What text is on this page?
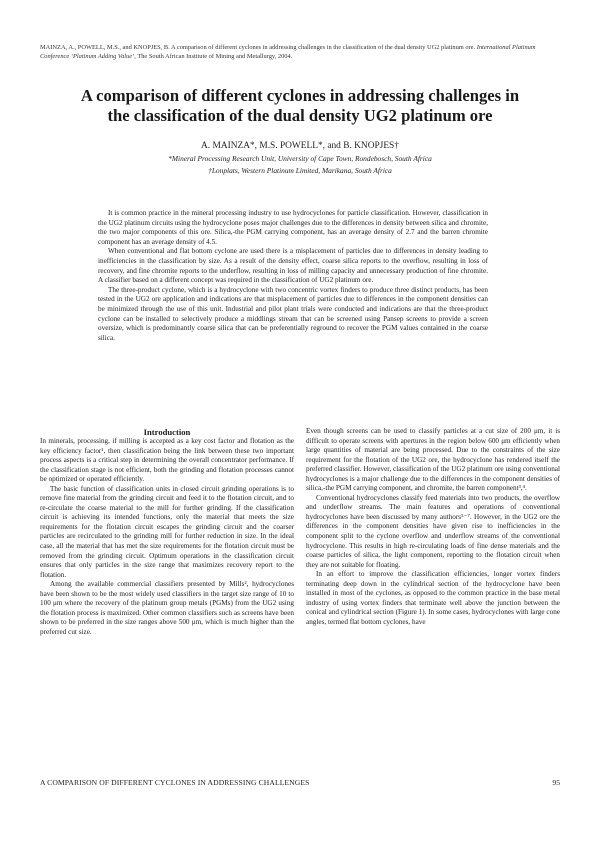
MAINZA, A., POWELL, M.S., and KNOPJES, B. A comparison of different cyclones in addressing challenges in the classification of the dual density UG2 platinum ore. International Platinum Conference ‘Platinum Adding Value’, The South African Institute of Mining and Metallurgy, 2004.
A comparison of different cyclones in addressing challenges in
the classification of the dual density UG2 platinum ore
A. MAINZA*, M.S. POWELL*, and B. KNOPJES†
*Mineral Processing Research Unit, University of Cape Town, Rondebosch, South Africa
†Lonplats, Western Platinum Limited, Marikana, South Africa

It is common practice in the mineral processing industry to use hydrocyclones for particle classification. However, classification in the UG2 platinum circuits using the hydrocyclone poses major challenges due to the differences in density between silica and chromite, the two major components of this ore. Silica,-the PGM carrying component, has an average density of 2.7 and the barren chromite component has an average density of 4.5.

When conventional and flat bottom cyclone are used there is a misplacement of particles due to differences in density leading to inefficiencies in the classification by size. As a result of the density effect, coarse silica reports to the overflow, resulting in loss of recovery, and fine chromite reports to the underflow, resulting in loss of milling capacity and unnecessary production of fine chromite. A classifier based on a different concept was required in the classification of UG2 platinum ore.

The three-product cyclone, which is a hydrocyclone with two concentric vortex finders to produce three distinct products, has been tested in the UG2 ore application and indications are that misplacement of particles due to differences in the component densities can be minimized through the use of this unit. Industrial and pilot plant trials were conducted and indications are that the three-product cyclone can be installed to selectively produce a middlings stream that can be screened using Pansep screens to provide a screen oversize, which is predominantly coarse silica that can be preferentially reground to recover the PGM values contained in the coarse silica.

Introduction

In minerals, processing, if milling is accepted as a key cost factor and flotation as the key efficiency factor¹, then classification being the link between these two important process aspects is a critical step in determining the overall concentrator performance. If the classification stage is not efficient, both the grinding and flotation processes cannot be optimized or operated efficiently.

The basic function of classification units in closed circuit grinding operations is to remove fine material from the grinding circuit and feed it to the flotation circuit, and to re-circulate the coarse material to the mill for further grinding. If the classification circuit is achieving its intended functions, only the material that meets the size requirements for the flotation circuit escapes the grinding circuit and the coarser particles are recirculated to the grinding mill for further reduction in size. In the ideal case, all the material that has met the size requirements for the flotation circuit must be removed from the grinding circuit. Optimum operations in the classification circuit ensures that only particles in the size range that maximizes recovery report to the flotation.

Among the available commercial classifiers presented by Mills², hydrocyclones have been shown to be the most widely used classifiers in the target size range of 10 to 100 μm where the recovery of the platinum group metals (PGMs) from the UG2 using the flotation process is maximized. Other common classifiers such as screens have been shown to be preferred in the size ranges above 500 μm, which is much higher than the preferred cut size.

Even though screens can be used to classify particles at a cut size of 200 μm, it is difficult to operate screens with apertures in the region below 600 μm efficiently when large quantities of material are being processed. Due to the constraints of the size requirement for the flotation of the UG2 ore, the hydrocyclone has rendered itself the preferred classifier. However, classification of the UG2 platinum ore using conventional hydrocyclones is a major challenge due to the differences in the component densities of silica,-the PGM carrying component, and chromite, the barren component³,⁴.

Conventional hydrocyclones classify feed materials into two products, the overflow and underflow streams. The main features and operations of conventional hydrocyclones have been discussed by many authors⁵⁻⁷. However, in the UG2 ore the differences in the component densities have given rise to inefficiencies in the component split to the cyclone overflow and underflow streams of the conventional hydrocyclone. This results in high re-circulating loads of fine dense materials and the coarse particles of silica, the light component, reporting to the flotation circuit when they are not suitable for floating.

In an effort to improve the classification efficiencies, longer vortex finders terminating deep down in the cylindrical section of the hydrocyclone have been installed in most of the cyclones, as opposed to the common practice in the base metal industry of using vortex finders that terminate well above the junction between the conical and cylindrical section (Figure 1). In some cases, hydrocyclones with large cone angles, termed flat bottom cyclones, have

A COMPARISON OF DIFFERENT CYCLONES IN ADDRESSING CHALLENGES	95
